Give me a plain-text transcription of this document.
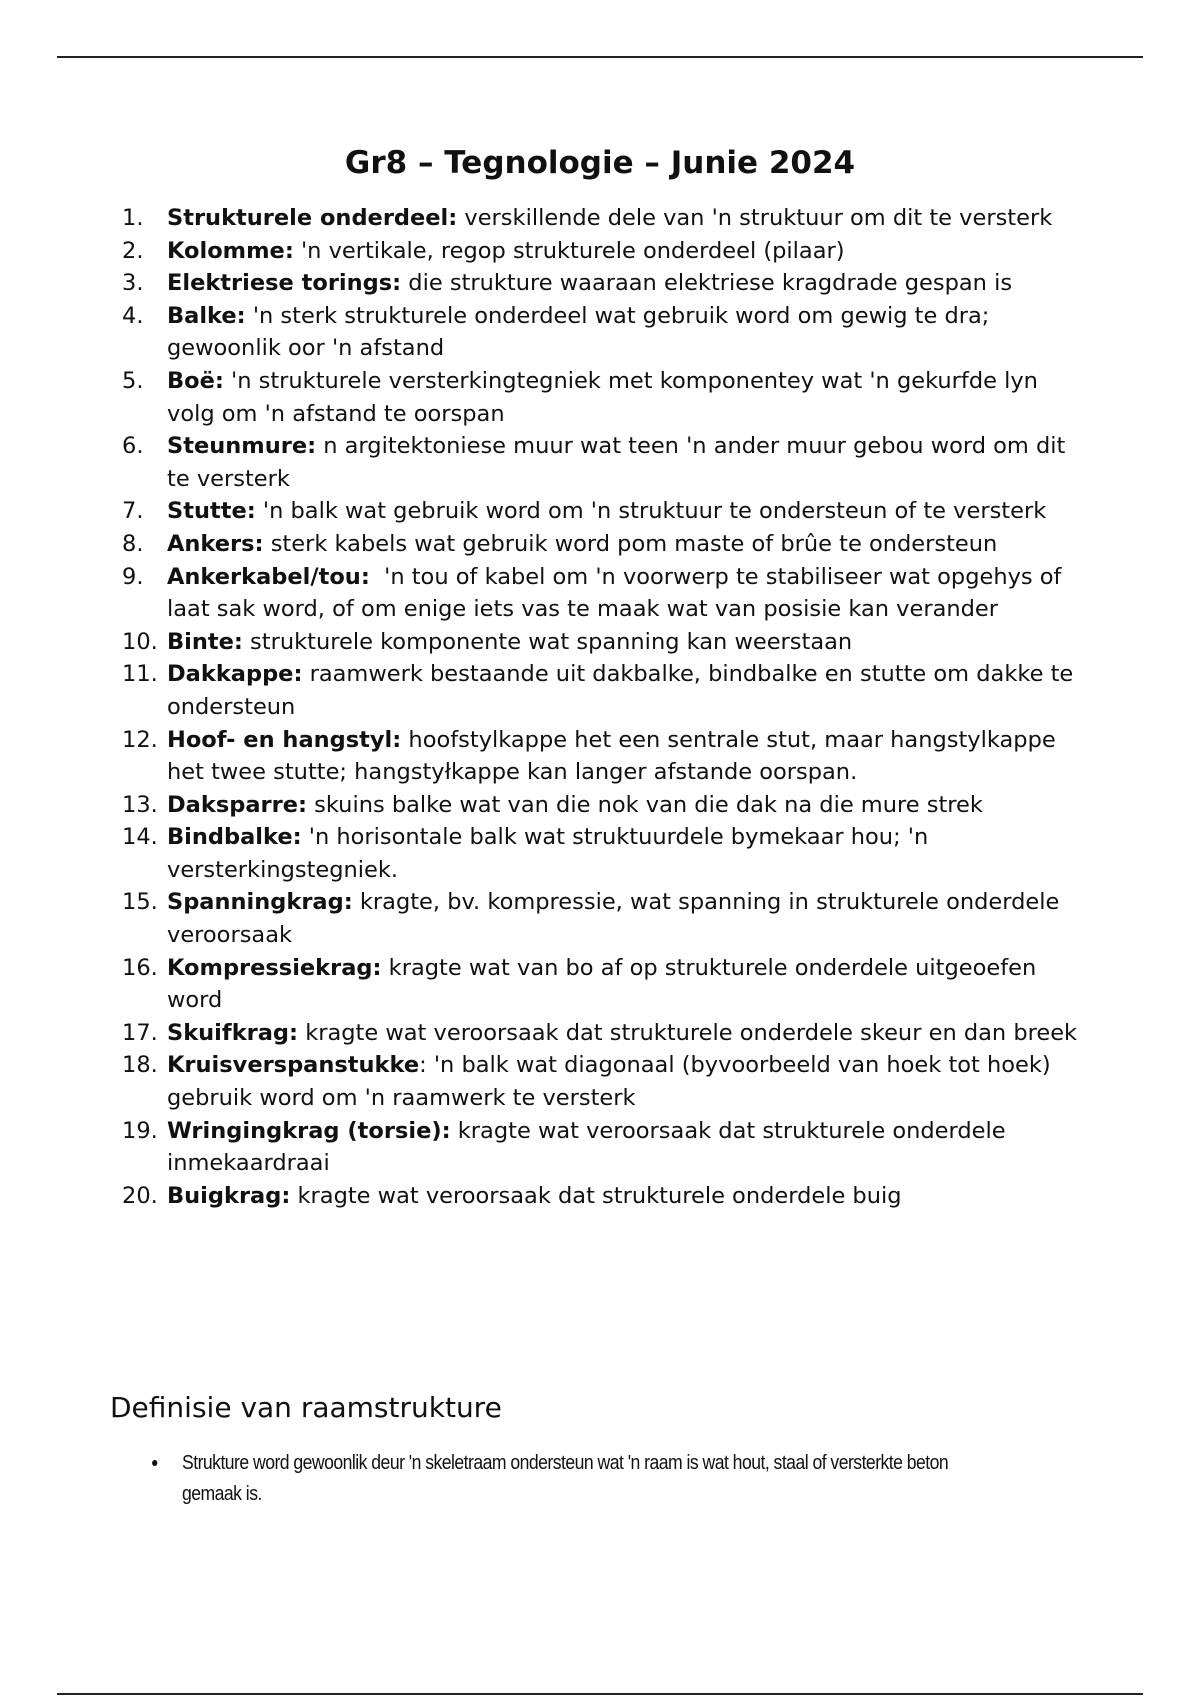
Gr8 – Tegnologie – Junie 2024
1. Strukturele onderdeel: verskillende dele van 'n struktuur om dit te versterk
2. Kolomme: 'n vertikale, regop strukturele onderdeel (pilaar)
3. Elektriese torings: die strukture waaraan elektriese kragdrade gespan is
4. Balke: 'n sterk strukturele onderdeel wat gebruik word om gewig te dra; gewoonlik oor 'n afstand
5. Boë: 'n strukturele versterkingtegniek met komponentey wat 'n gekurfde lyn volg om 'n afstand te oorspan
6. Steunmure: n argitektoniese muur wat teen 'n ander muur gebou word om dit te versterk
7. Stutte: 'n balk wat gebruik word om 'n struktuur te ondersteun of te versterk
8. Ankers: sterk kabels wat gebruik word pom maste of brûe te ondersteun
9. Ankerkabel/tou:  'n tou of kabel om 'n voorwerp te stabiliseer wat opgehys of laat sak word, of om enige iets vas te maak wat van posisie kan verander
10. Binte: strukturele komponente wat spanning kan weerstaan
11. Dakkappe: raamwerk bestaande uit dakbalke, bindbalke en stutte om dakke te ondersteun
12. Hoof- en hangstyl: hoofstylkappe het een sentrale stut, maar hangstylkappe het twee stutte; hangstyłkappe kan langer afstande oorspan.
13. Daksparre: skuins balke wat van die nok van die dak na die mure strek
14. Bindbalke: 'n horisontale balk wat struktuurdele bymekaar hou; 'n versterkingstegniek.
15. Spanningkrag: kragte, bv. kompressie, wat spanning in strukturele onderdele veroorsaak
16. Kompressiekrag: kragte wat van bo af op strukturele onderdele uitgeoefen word
17. Skuifkrag: kragte wat veroorsaak dat strukturele onderdele skeur en dan breek
18. Kruisverspanstukke: 'n balk wat diagonaal (byvoorbeeld van hoek tot hoek) gebruik word om 'n raamwerk te versterk
19. Wringingkrag (torsie): kragte wat veroorsaak dat strukturele onderdele inmekaardraai
20. Buigkrag: kragte wat veroorsaak dat strukturele onderdele buig
Definisie van raamstrukture
Strukture word gewoonlik deur 'n skeletraam ondersteun wat 'n raam is wat hout, staal of versterkte beton gemaak is.
